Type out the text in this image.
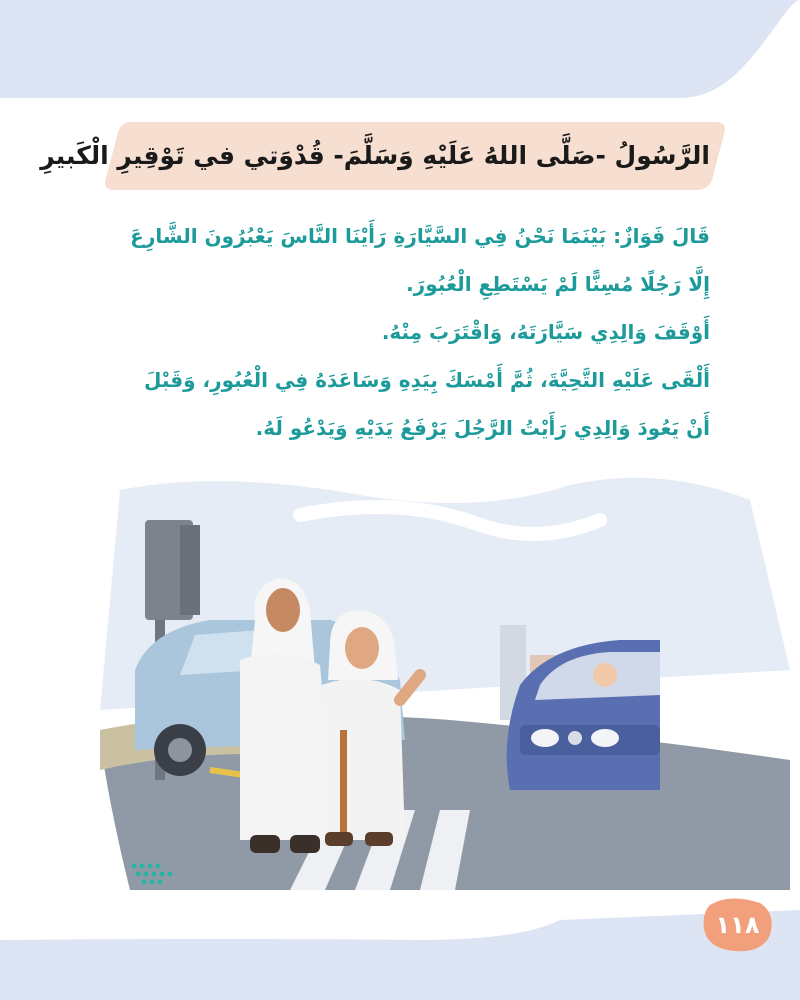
الرَّسُولُ -صَلَّى اللهُ عَلَيْهِ وَسَلَّمَ- قُدْوَتي في تَوْقِيرِ الْكَبيرِ

قَالَ فَوَازٌ: بَيْنَمَا نَحْنُ فِي السَّيَّارَةِ رَأَيْنَا النَّاسَ يَعْبُرُونَ الشَّارِعَ

إِلَّا رَجُلًا مُسِنًّا لَمْ يَسْتَطِعِ الْعُبُورَ.

أَوْقَفَ وَالِدِي سَيَّارَتَهُ، وَاقْتَرَبَ مِنْهُ.

أَلْقَى عَلَيْهِ التَّحِيَّةَ، ثُمَّ أَمْسَكَ بِيَدِهِ وَسَاعَدَهُ فِي الْعُبُورِ، وَقَبْلَ

أَنْ يَعُودَ وَالِدِي رَأَيْتُ الرَّجُلَ يَرْفَعُ يَدَيْهِ وَيَدْعُو لَهُ.

١١٨
